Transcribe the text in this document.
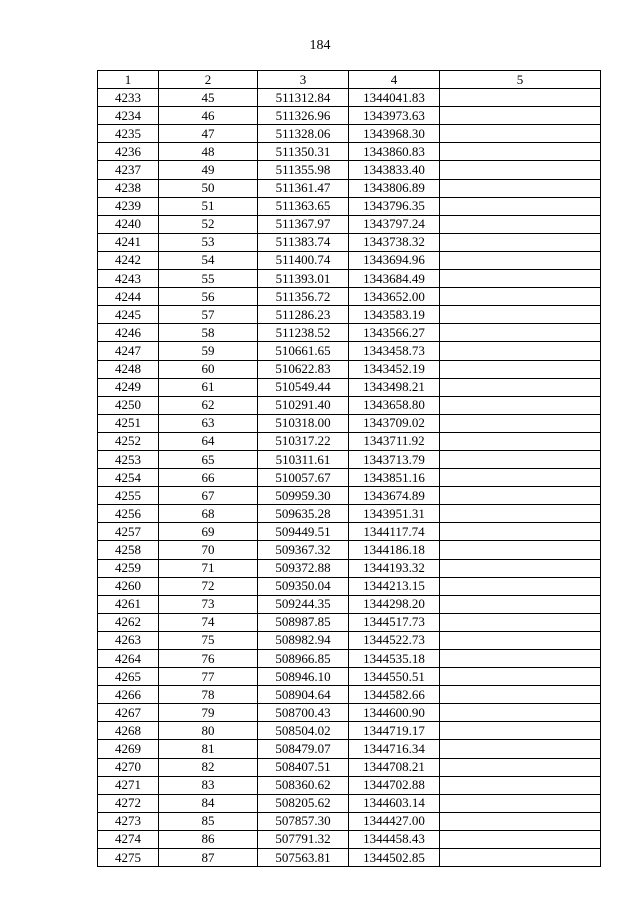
184
1	2	3	4	5
4233	45	511312.84	1344041.83	
4234	46	511326.96	1343973.63	
4235	47	511328.06	1343968.30	
4236	48	511350.31	1343860.83	
4237	49	511355.98	1343833.40	
4238	50	511361.47	1343806.89	
4239	51	511363.65	1343796.35	
4240	52	511367.97	1343797.24	
4241	53	511383.74	1343738.32	
4242	54	511400.74	1343694.96	
4243	55	511393.01	1343684.49	
4244	56	511356.72	1343652.00	
4245	57	511286.23	1343583.19	
4246	58	511238.52	1343566.27	
4247	59	510661.65	1343458.73	
4248	60	510622.83	1343452.19	
4249	61	510549.44	1343498.21	
4250	62	510291.40	1343658.80	
4251	63	510318.00	1343709.02	
4252	64	510317.22	1343711.92	
4253	65	510311.61	1343713.79	
4254	66	510057.67	1343851.16	
4255	67	509959.30	1343674.89	
4256	68	509635.28	1343951.31	
4257	69	509449.51	1344117.74	
4258	70	509367.32	1344186.18	
4259	71	509372.88	1344193.32	
4260	72	509350.04	1344213.15	
4261	73	509244.35	1344298.20	
4262	74	508987.85	1344517.73	
4263	75	508982.94	1344522.73	
4264	76	508966.85	1344535.18	
4265	77	508946.10	1344550.51	
4266	78	508904.64	1344582.66	
4267	79	508700.43	1344600.90	
4268	80	508504.02	1344719.17	
4269	81	508479.07	1344716.34	
4270	82	508407.51	1344708.21	
4271	83	508360.62	1344702.88	
4272	84	508205.62	1344603.14	
4273	85	507857.30	1344427.00	
4274	86	507791.32	1344458.43	
4275	87	507563.81	1344502.85	
